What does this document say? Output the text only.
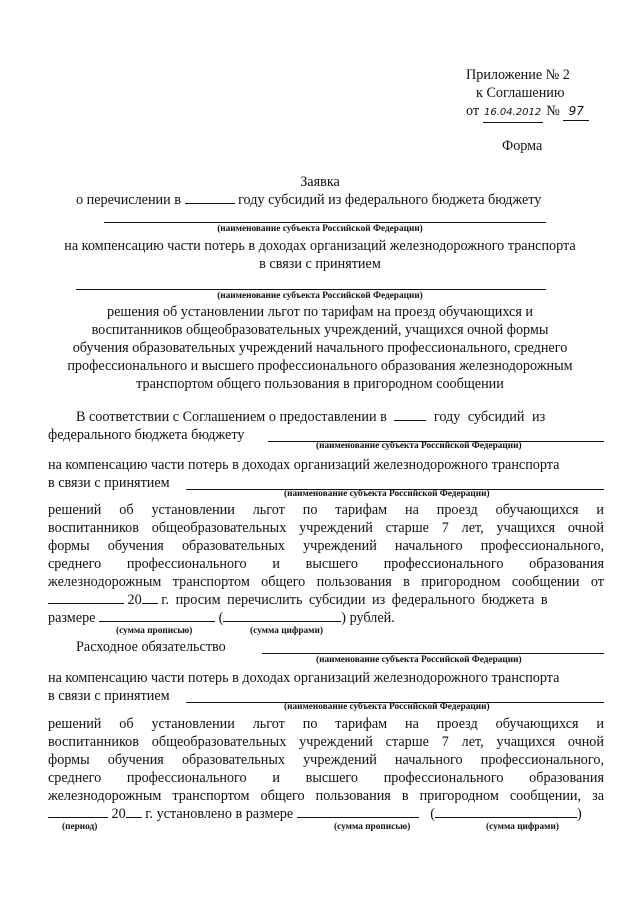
Приложение № 2
к Соглашению
от 16.04.2012 № 97
Форма
Заявка
о перечислении в	году субсидий из федерального бюджета бюджету
(наименование субъекта Российской Федерации)
на компенсацию части потерь в доходах организаций железнодорожного транспорта
в связи с принятием
(наименование субъекта Российской Федерации)
решения об установлении льгот по тарифам на проезд обучающихся и
воспитанников общеобразовательных учреждений, учащихся очной формы
обучения образовательных учреждений начального профессионального, среднего
профессионального и высшего профессионального образования железнодорожным
транспортом общего пользования в пригородном сообщении
В соответствии с Соглашением о предоставлении в	году субсидий из
федерального бюджета бюджету
(наименование субъекта Российской Федерации)
на компенсацию части потерь в доходах организаций железнодорожного транспорта
в связи с принятием
(наименование субъекта Российской Федерации)
решений об установлении льгот по тарифам на проезд обучающихся и
воспитанников общеобразовательных учреждений старше 7 лет, учащихся очной
формы обучения образовательных учреждений начального профессионального,
среднего профессионального и высшего профессионального образования
железнодорожным транспортом общего пользования в пригородном сообщении от
20 г. просим перечислить субсидии из федерального бюджета в
размере	(	) рублей.
(сумма прописью)	(сумма цифрами)
Расходное обязательство
(наименование субъекта Российской Федерации)
на компенсацию части потерь в доходах организаций железнодорожного транспорта
в связи с принятием
(наименование субъекта Российской Федерации)
решений об установлении льгот по тарифам на проезд обучающихся и
воспитанников общеобразовательных учреждений старше 7 лет, учащихся очной
формы обучения образовательных учреждений начального профессионального,
среднего профессионального и высшего профессионального образования
железнодорожным транспортом общего пользования в пригородном сообщении, за
20 г. установлено в размере	(	)
(период)	(сумма прописью)	(сумма цифрами)
